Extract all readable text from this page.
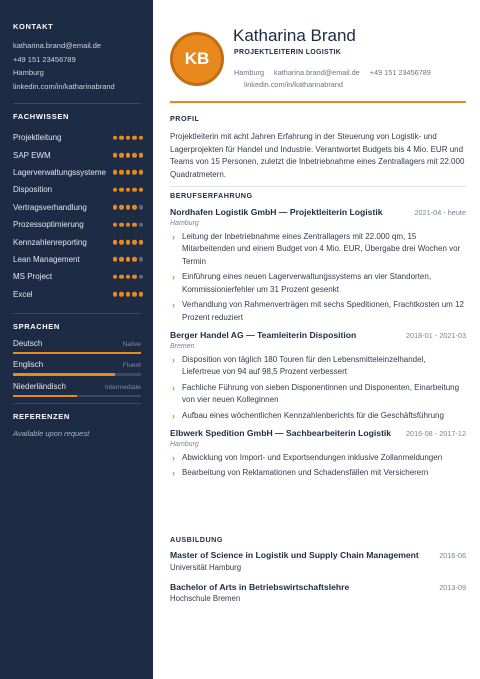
KONTAKT
katharina.brand@email.de
+49 151 23456789
Hamburg
linkedin.com/in/katharinabrand
FACHWISSEN
Projektleitung
SAP EWM
Lagerverwaltungssysteme
Disposition
Vertragsverhandlung
Prozessoptimierung
Kennzahlenreporting
Lean Management
MS Project
Excel
SPRACHEN
Deutsch	Native
Englisch	Fluent
Niederländisch	Intermediate
REFERENZEN
Available upon request
KB
Katharina Brand
PROJEKTLEITERIN LOGISTIK
Hamburg katharina.brand@email.de +49 151 23456789
linkedin.com/in/katharinabrand
PROFIL
Projektleiterin mit acht Jahren Erfahrung in der Steuerung von Logistik- und Lagerprojekten für Handel und Industrie. Verantwortet Budgets bis 4 Mio. EUR und Teams von 15 Personen, zuletzt die Inbetriebnahme eines Zentrallagers mit 22.000 Quadratmetern.
BERUFSERFAHRUNG
Nordhafen Logistik GmbH — Projektleiterin Logistik	2021-04 - heute
Hamburg
› Leitung der Inbetriebnahme eines Zentrallagers mit 22.000 qm, 15 Mitarbeitenden und einem Budget von 4 Mio. EUR, Übergabe drei Wochen vor Termin
› Einführung eines neuen Lagerverwaltungssystems an vier Standorten, Kommissionierfehler um 31 Prozent gesenkt
› Verhandlung von Rahmenverträgen mit sechs Speditionen, Frachtkosten um 12 Prozent reduziert
Berger Handel AG — Teamleiterin Disposition	2018-01 - 2021-03
Bremen
› Disposition von täglich 180 Touren für den Lebensmitteleinzelhandel, Liefertreue von 94 auf 98,5 Prozent verbessert
› Fachliche Führung von sieben Disponentinnen und Disponenten, Einarbeitung von vier neuen Kolleginnen
› Aufbau eines wöchentlichen Kennzahlenberichts für die Geschäftsführung
Elbwerk Spedition GmbH — Sachbearbeiterin Logistik 2016-08 - 2017-12
Hamburg
› Abwicklung von Import- und Exportsendungen inklusive Zollanmeldungen
› Bearbeitung von Reklamationen und Schadensfällen mit Versicherern
AUSBILDUNG
Master of Science in Logistik und Supply Chain Management	2016-06
Universität Hamburg
Bachelor of Arts in Betriebswirtschaftslehre	2013-09
Hochschule Bremen
